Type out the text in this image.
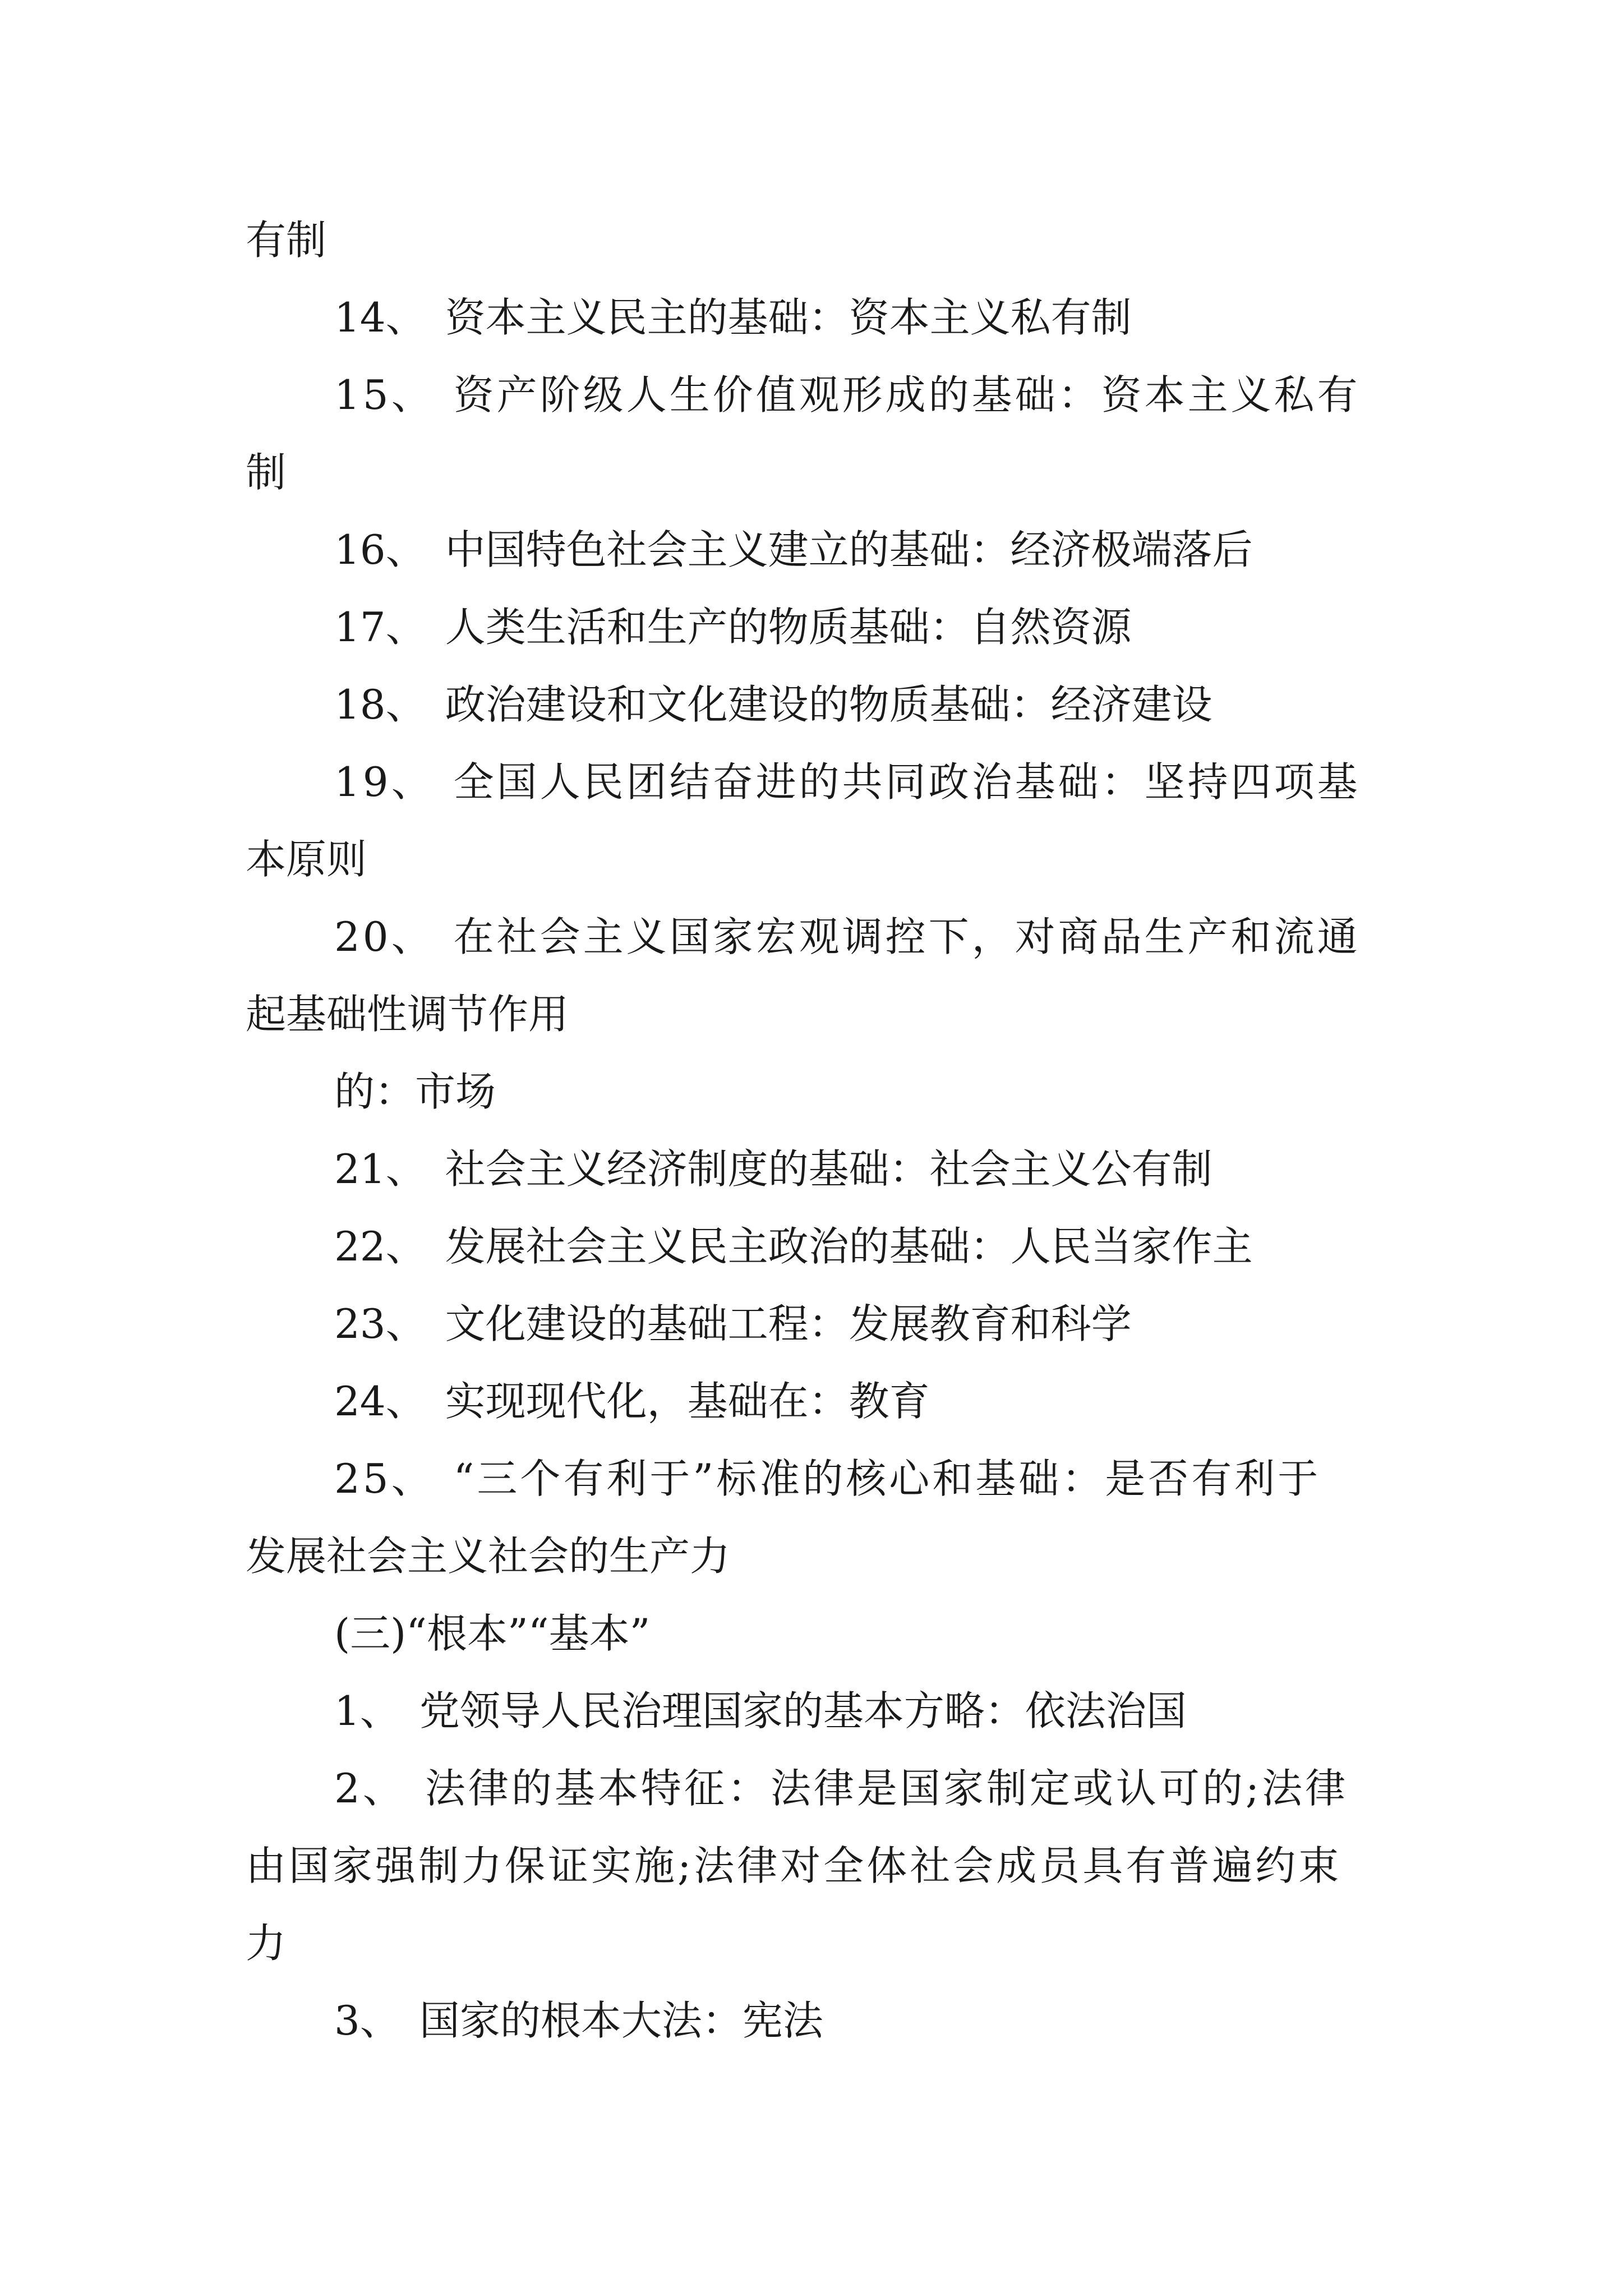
有制
14、 资本主义民主的基础：资本主义私有制
15、 资产阶级人生价值观形成的基础：资本主义私有
制
16、 中国特色社会主义建立的基础：经济极端落后
17、 人类生活和生产的物质基础：自然资源
18、 政治建设和文化建设的物质基础：经济建设
19、 全国人民团结奋进的共同政治基础：坚持四项基
本原则
20、 在社会主义国家宏观调控下，对商品生产和流通
起基础性调节作用
的：市场
21、 社会主义经济制度的基础：社会主义公有制
22、 发展社会主义民主政治的基础：人民当家作主
23、 文化建设的基础工程：发展教育和科学
24、 实现现代化，基础在：教育
25、 “三个有利于”标准的核心和基础：是否有利于
发展社会主义社会的生产力
(三)“根本”“基本”
1、 党领导人民治理国家的基本方略：依法治国
2、 法律的基本特征：法律是国家制定或认可的;法律
由国家强制力保证实施;法律对全体社会成员具有普遍约束
力
3、 国家的根本大法：宪法
